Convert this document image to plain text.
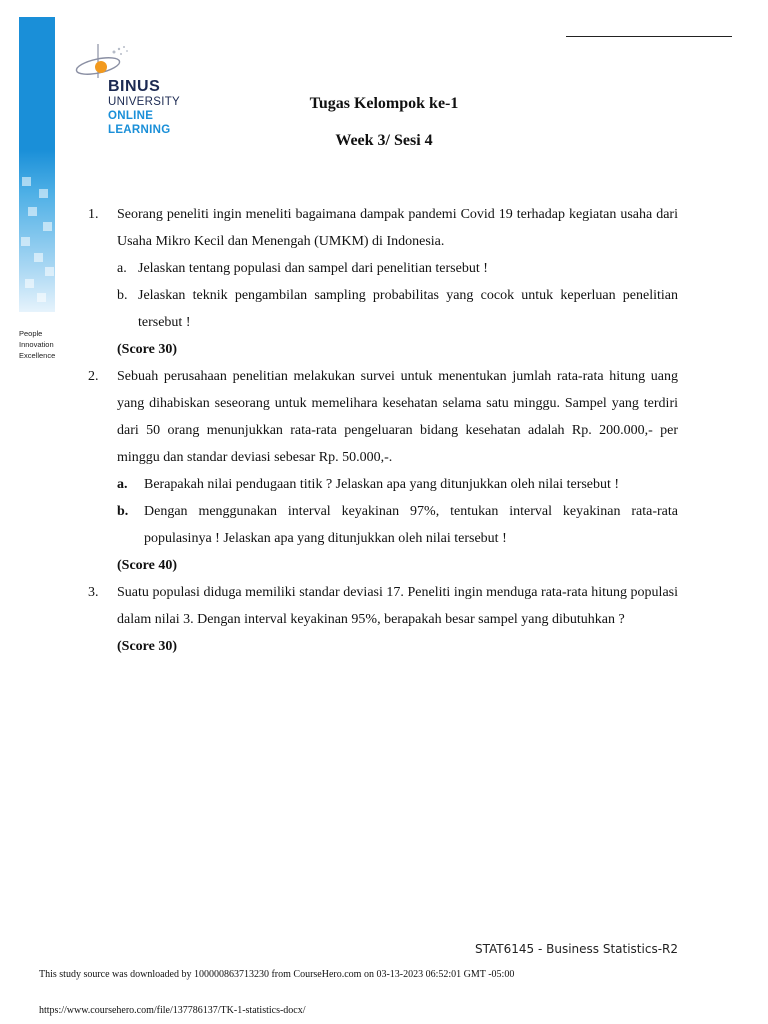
BINUS
UNIVERSITY
ONLINE
LEARNING
People
Innovation
Excellence
Tugas Kelompok ke-1
Week 3/ Sesi 4
1. Seorang peneliti ingin meneliti bagaimana dampak pandemi Covid 19 terhadap kegiatan usaha dari Usaha Mikro Kecil dan Menengah (UMKM) di Indonesia.
a. Jelaskan tentang populasi dan sampel dari penelitian tersebut !
b. Jelaskan teknik pengambilan sampling probabilitas yang cocok untuk keperluan penelitian tersebut !
(Score 30)
2. Sebuah perusahaan penelitian melakukan survei untuk menentukan jumlah rata-rata hitung uang yang dihabiskan seseorang untuk memelihara kesehatan selama satu minggu. Sampel yang terdiri dari 50 orang menunjukkan rata-rata pengeluaran bidang kesehatan adalah Rp. 200.000,- per minggu dan standar deviasi sebesar Rp. 50.000,-.
a. Berapakah nilai pendugaan titik ? Jelaskan apa yang ditunjukkan oleh nilai tersebut !
b. Dengan menggunakan interval keyakinan 97%, tentukan interval keyakinan rata-rata populasinya ! Jelaskan apa yang ditunjukkan oleh nilai tersebut !
(Score 40)
3. Suatu populasi diduga memiliki standar deviasi 17. Peneliti ingin menduga rata-rata hitung populasi dalam nilai 3. Dengan interval keyakinan 95%, berapakah besar sampel yang dibutuhkan ?
(Score 30)
STAT6145 - Business Statistics-R2
This study source was downloaded by 100000863713230 from CourseHero.com on 03-13-2023 06:52:01 GMT -05:00
https://www.coursehero.com/file/137786137/TK-1-statistics-docx/
